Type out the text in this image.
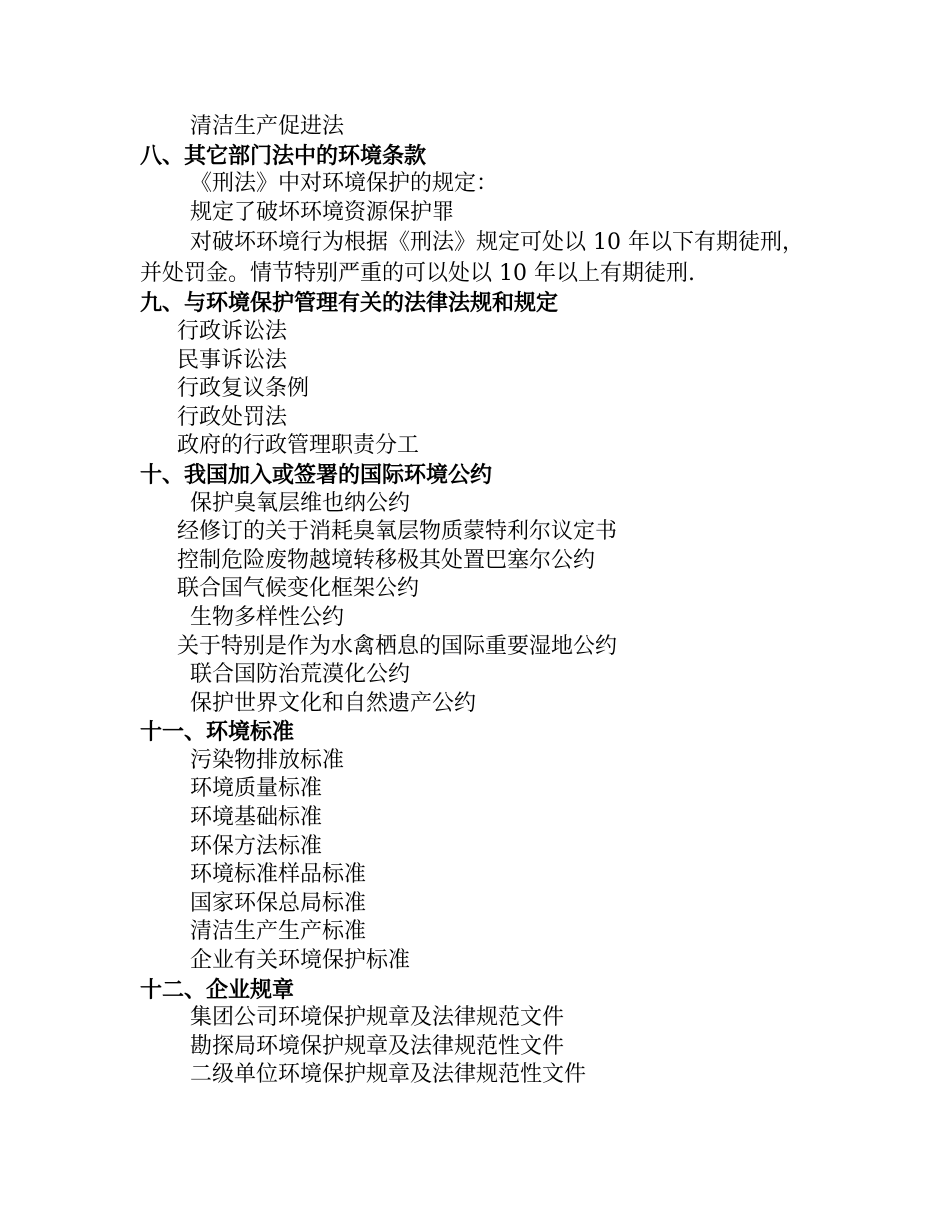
清洁生产促进法
八、其它部门法中的环境条款
《刑法》中对环境保护的规定：
规定了破坏环境资源保护罪

对破坏环境行为根据《刑法》规定可处以 10 年以下有期徒刑，并处罚金。情节特别严重的可以处以 10 年以上有期徒刑.

九、与环境保护管理有关的法律法规和规定
行政诉讼法
民事诉讼法
行政复议条例
行政处罚法
政府的行政管理职责分工
十、我国加入或签署的国际环境公约
保护臭氧层维也纳公约
经修订的关于消耗臭氧层物质蒙特利尔议定书
控制危险废物越境转移极其处置巴塞尔公约
联合国气候变化框架公约
生物多样性公约
关于特别是作为水禽栖息的国际重要湿地公约
联合国防治荒漠化公约
保护世界文化和自然遗产公约
十一、环境标准
污染物排放标准
环境质量标准
环境基础标准
环保方法标准
环境标准样品标准
国家环保总局标准
清洁生产生产标准
企业有关环境保护标准
十二、企业规章
集团公司环境保护规章及法律规范文件
勘探局环境保护规章及法律规范性文件
二级单位环境保护规章及法律规范性文件
